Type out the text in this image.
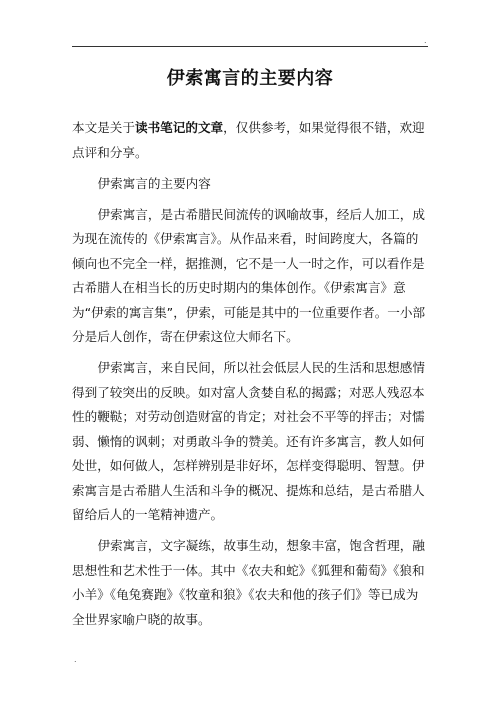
.
伊索寓言的主要内容

本文是关于读书笔记的文章，仅供参考，如果觉得很不错，欢迎点评和分享。

伊索寓言的主要内容

伊索寓言，是古希腊民间流传的讽喻故事，经后人加工，成为现在流传的《伊索寓言》。从作品来看，时间跨度大，各篇的倾向也不完全一样，据推测，它不是一人一时之作，可以看作是古希腊人在相当长的历史时期内的集体创作。《伊索寓言》意为“伊索的寓言集”，伊索，可能是其中的一位重要作者。一小部分是后人创作，寄在伊索这位大师名下。

伊索寓言，来自民间，所以社会低层人民的生活和思想感情得到了较突出的反映。如对富人贪婪自私的揭露；对恶人残忍本性的鞭鞑；对劳动创造财富的肯定；对社会不平等的抨击；对懦弱、懒惰的讽刺；对勇敢斗争的赞美。还有许多寓言，教人如何处世，如何做人，怎样辨别是非好坏，怎样变得聪明、智慧。伊索寓言是古希腊人生活和斗争的概况、提炼和总结，是古希腊人留给后人的一笔精神遗产。

伊索寓言，文字凝练，故事生动，想象丰富，饱含哲理，融思想性和艺术性于一体。其中《农夫和蛇》《狐狸和葡萄》《狼和小羊》《龟兔赛跑》《牧童和狼》《农夫和他的孩子们》等已成为全世界家喻户晓的故事。

.
